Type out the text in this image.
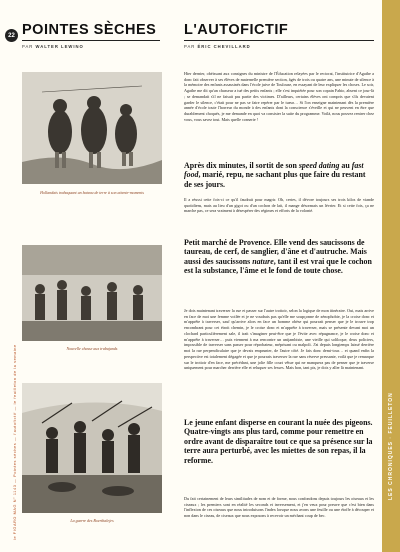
22 POINTES SÈCHES
PAR WALTER LEWINO
L'AUTOFICTIF
PAR ÉRIC CHEVILLARD
le FIGARO MAG N° 1143 — Pointes sèches — l'autofictif — le feuilleton de la semaine	LES CHRONIQUES · FEUILLETON
Hollandais trabaquant un bateau de terre à son attente-moments
Nouvelle chasse aux trabajands
La guerre des Boerthalejes

Hier dernier, obéissant aux consignes du ministre de l'Éducation relayées par le rectorat, l'institutrice d'Agathe a donc fait observer à ses élèves de maternelle première section, âgés de trois ou quatre ans, une minute de silence à la mémoire des enfants assassinés dans l'école juive de Toulouse, en essayant de leur expliquer les choses. Le soir, Agathe me dit qu'un chasseur a tué des petits enfants ; elle s'est inquiétée pour son copain Fabio, absent ce jour-là ; se demandait s'il ne faisait pas partie des victimes. D'ailleurs, certains élèves ont compris que s'ils devaient garder le silence, c'était pour ne pas se faire repérer par le tueur… Si l'on enseigne maintenant dès la première année d'école toute l'horreur du monde à des enfants dont la conscience s'éveille et qui ne peuvent en être que durablement choqués, je me demande en quoi va consister la suite du programme. Voilà, nous pouvez rentrer chez vous, vous savez tout. Mais quelle conserie !

Après dix minutes, il sortit de son speed dating au fast food, marié, repu, ne sachant plus que faire du restant de ses jours.

Il a réussi cette fois-ci ce qu'il faudrait pour magrir. Oh, certes, il dévore toujours ses trois kilos de viande quotidiens, mais au lieu d'un gigot ou d'un cochon de lait, il mange désormais un lévrier. Et si cette fois, ça ne marche pas, ce sera vraiment à désespérer des régimes et efforts de la volonté.

Petit marché de Provence. Elle vend des saucissons de taureau, de cerf, de sanglier, d'âne et d'autruche. Mais aussi des saucissons nature, tant il est vrai que le cochon est la substance, l'âme et le fond de toute chose.

Je dois maintenant traverser la rue et passer sur l'autre trottoir, selon la logique de mon itinéraire. Oui, mais arrive en face de moi une femme voilée et je ne voudrais pas qu'elle me soupçonne de xénophobie, je la croise donc et m'apprête à traverser, sauf qu'arrive alors en face un homme obèse qui pourrait penser que je le trouve trop encombrant pour cet étroit chemin, je le croise donc et m'apprête à traverser, mais se présente devant moi un clochard particulièrement sale, il irait s'imaginer peut-être que je l'évite avec répugnance, je le croise donc et m'apprête à traverser… puis viennent à ma rencontre un unijambiste, une vieille qui soliloque, deux policiers, impossible de traverser sans passer pour réprobateur, méprisant ou malpoli. J'ai depuis longtemps laissé derrière moi la rue perpendiculaire que je devais emprunter, de l'autre côté. Je fais donc demi-tour… et quand enfin la perspective est totalement dégagée et que je pourrais traverser la rue sans réserve pressante, voilà que je remarque sur le trottoir d'en face, me précédant, une jolie fille court vêtue qui ne manquera pas de penser que je traverse uniquement pour marcher derrière elle et reluquer ses fesses. Mais bon, tant pis, je dois y aller là maintenant.

Le jeune enfant disperse en courant la nuée des pigeons. Quatre-vingts ans plus tard, comme pour remettre en ordre avant de disparaître tout ce que sa présence sur la terre aura perturbé, avec les miettes de son repas, il la reforme.

Du fait certainement de leurs similitudes de nom et de forme, nous confondons depuis toujours les oiseaux et les ciseaux ; les premiers sont en réalité les seconds et inversement, et j'en veux pour preuve que c'est bien dans l'inflexion de ces oiseaux que nous introduisons l'index lorsque nous avons une feuille ou une étoffe à découper et non dans le ciseau, de ciseaux que nous exposons à recevoir un méchant coup de bec.
